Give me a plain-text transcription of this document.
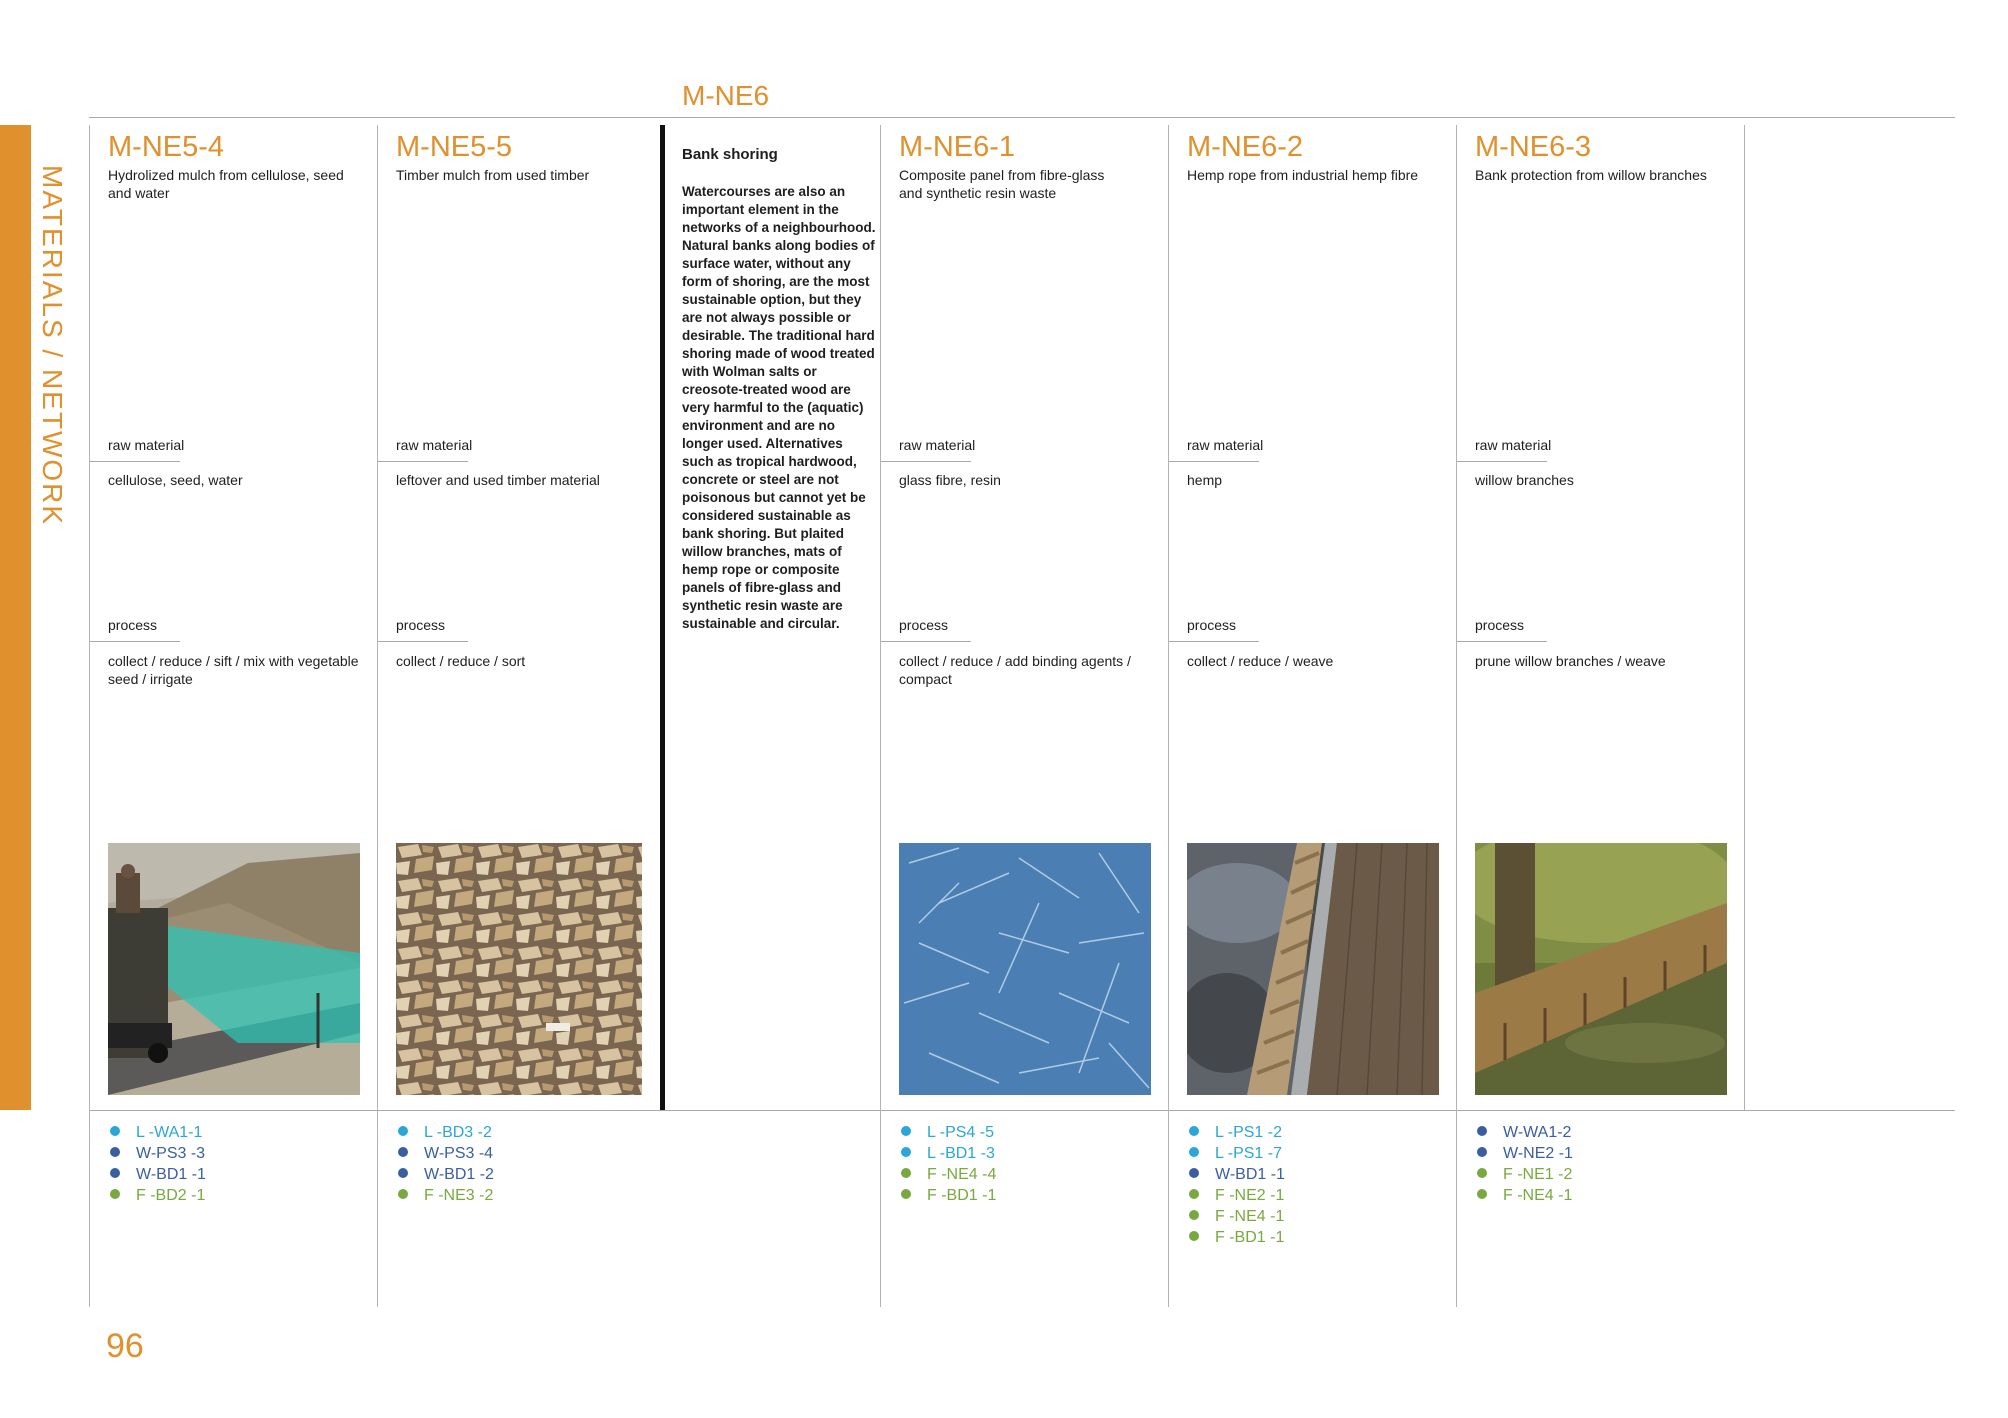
MATERIALS / NETWORK
M-NE6
M-NE5-4
Hydrolized mulch from cellulose, seed and water
raw material
cellulose, seed, water
process
collect / reduce / sift / mix with vegetable seed / irrigate
L -WA1-1
W-PS3 -3
W-BD1 -1
F -BD2 -1
M-NE5-5
Timber mulch from used timber
raw material
leftover and used timber material
process
collect / reduce / sort
L -BD3 -2
W-PS3 -4
W-BD1 -2
F -NE3 -2
Bank shoring
Watercourses are also an important element in the networks of a neighbourhood. Natural banks along bodies of surface water, without any form of shoring, are the most sustainable option, but they are not always possible or desirable. The traditional hard shoring made of wood treated with Wolman salts or creosote-treated wood are very harmful to the (aquatic) environment and are no longer used. Alternatives such as tropical hardwood, concrete or steel are not poisonous but cannot yet be considered sustainable as bank shoring. But plaited willow branches, mats of hemp rope or composite panels of fibre-glass and synthetic resin waste are sustainable and circular.
M-NE6-1
Composite panel from fibre-glass and synthetic resin waste
raw material
glass fibre, resin
process
collect / reduce / add binding agents / compact
L -PS4 -5
L -BD1 -3
F -NE4 -4
F -BD1 -1
M-NE6-2
Hemp rope from industrial hemp fibre
raw material
hemp
process
collect / reduce / weave
L -PS1 -2
L -PS1 -7
W-BD1 -1
F -NE2 -1
F -NE4 -1
F -BD1 -1
M-NE6-3
Bank protection from willow branches
raw material
willow branches
process
prune willow branches / weave
W-WA1-2
W-NE2 -1
F -NE1 -2
F -NE4 -1
96
